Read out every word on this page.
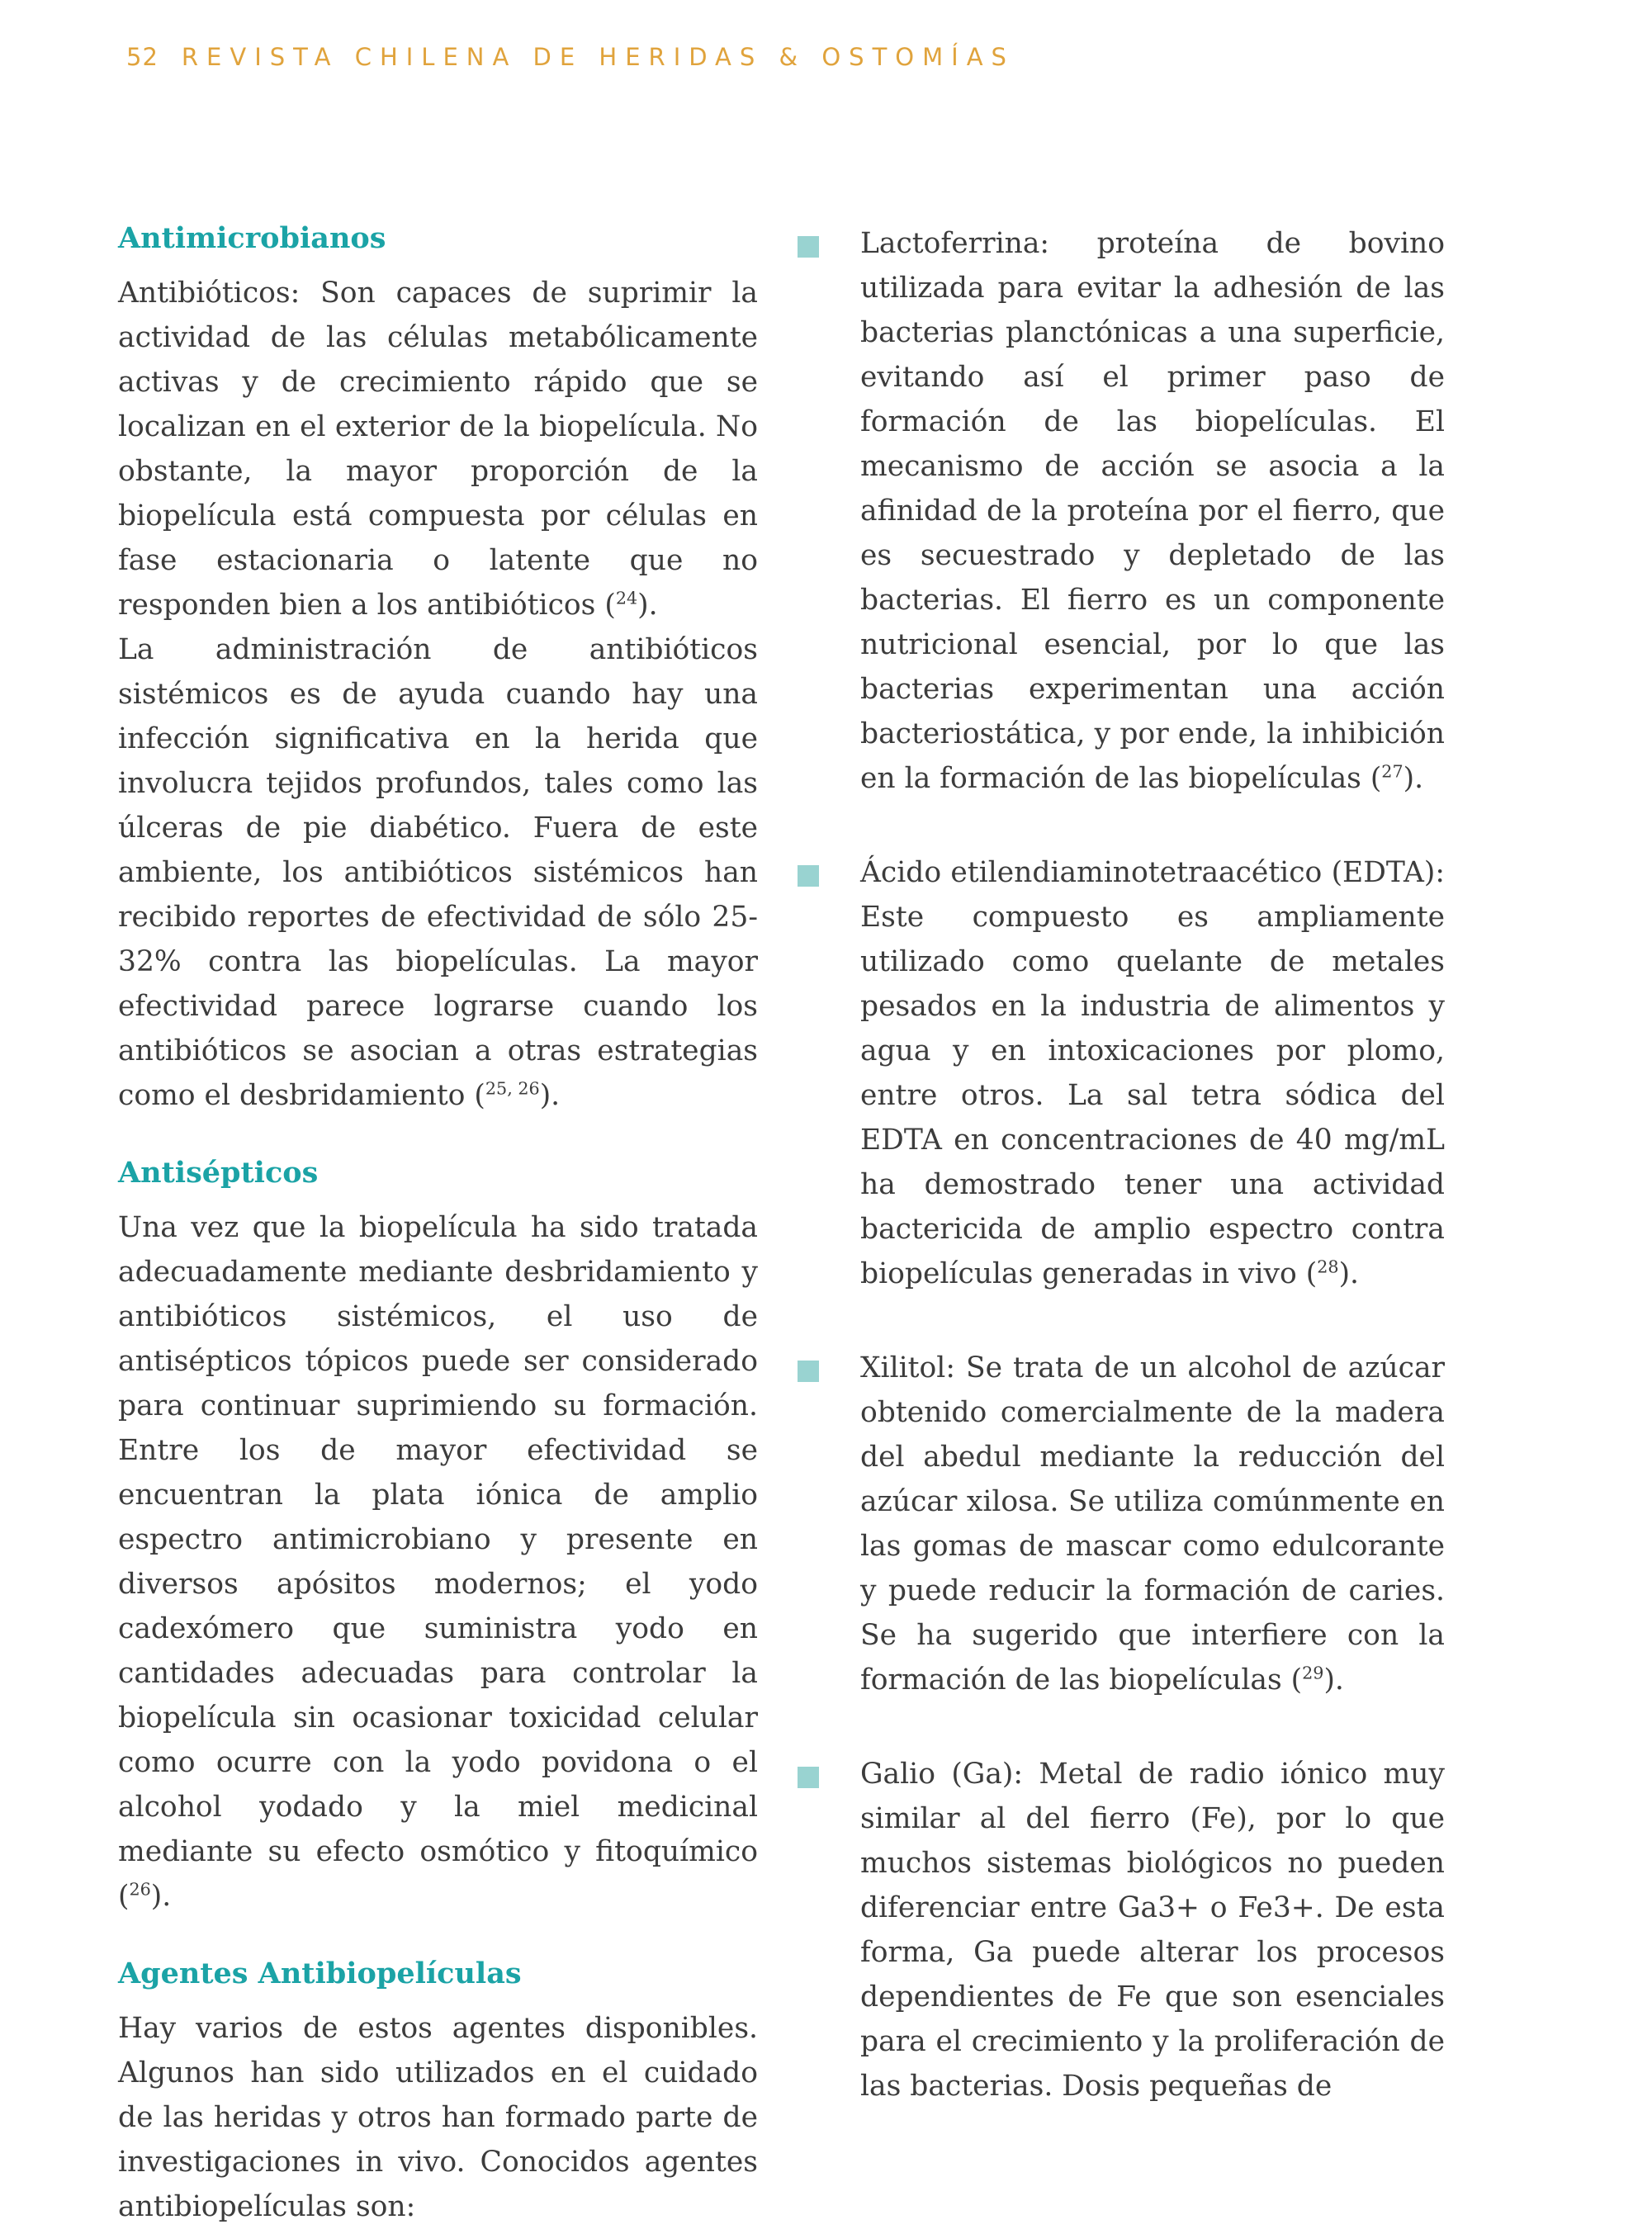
52 REVISTA CHILENA DE HERIDAS & OSTOMÍAS
Antimicrobianos

Antibióticos: Son capaces de suprimir la actividad de las células metabólicamente activas y de crecimiento rápido que se localizan en el exterior de la biopelícula. No obstante, la mayor proporción de la biopelícula está compuesta por células en fase estacionaria o latente que no responden bien a los antibióticos ($^{24}$).

La administración de antibióticos sistémicos es de ayuda cuando hay una infección significativa en la herida que involucra tejidos profundos, tales como las úlceras de pie diabético. Fuera de este ambiente, los antibióticos sistémicos han recibido reportes de efectividad de sólo 25-32% contra las biopelículas. La mayor efectividad parece lograrse cuando los antibióticos se asocian a otras estrategias como el desbridamiento ($^{25, 26}$).

Antisépticos

Una vez que la biopelícula ha sido tratada adecuadamente mediante desbridamiento y antibióticos sistémicos, el uso de antisépticos tópicos puede ser considerado para continuar suprimiendo su formación. Entre los de mayor efectividad se encuentran la plata iónica de amplio espectro antimicrobiano y presente en diversos apósitos modernos; el yodo cadexómero que suministra yodo en cantidades adecuadas para controlar la biopelícula sin ocasionar toxicidad celular como ocurre con la yodo povidona o el alcohol yodado y la miel medicinal mediante su efecto osmótico y fitoquímico ($^{26}$).

Agentes Antibiopelículas

Hay varios de estos agentes disponibles. Algunos han sido utilizados en el cuidado de las heridas y otros han formado parte de investigaciones in vivo. Conocidos agentes antibiopelículas son:

Lactoferrina: proteína de bovino utilizada para evitar la adhesión de las bacterias planctónicas a una superficie, evitando así el primer paso de formación de las biopelículas. El mecanismo de acción se asocia a la afinidad de la proteína por el fierro, que es secuestrado y depletado de las bacterias. El fierro es un componente nutricional esencial, por lo que las bacterias experimentan una acción bacteriostática, y por ende, la inhibición en la formación de las biopelículas ($^{27}$).

Ácido etilendiaminotetraacético (EDTA): Este compuesto es ampliamente utilizado como quelante de metales pesados en la industria de alimentos y agua y en intoxicaciones por plomo, entre otros. La sal tetra sódica del EDTA en concentraciones de 40 mg/mL ha demostrado tener una actividad bactericida de amplio espectro contra biopelículas generadas in vivo ($^{28}$).

Xilitol: Se trata de un alcohol de azúcar obtenido comercialmente de la madera del abedul mediante la reducción del azúcar xilosa. Se utiliza comúnmente en las gomas de mascar como edulcorante y puede reducir la formación de caries. Se ha sugerido que interfiere con la formación de las biopelículas ($^{29}$).

Galio (Ga): Metal de radio iónico muy similar al del fierro (Fe), por lo que muchos sistemas biológicos no pueden diferenciar entre Ga3+ o Fe3+. De esta forma, Ga puede alterar los procesos dependientes de Fe que son esenciales para el crecimiento y la proliferación de las bacterias. Dosis pequeñas de
